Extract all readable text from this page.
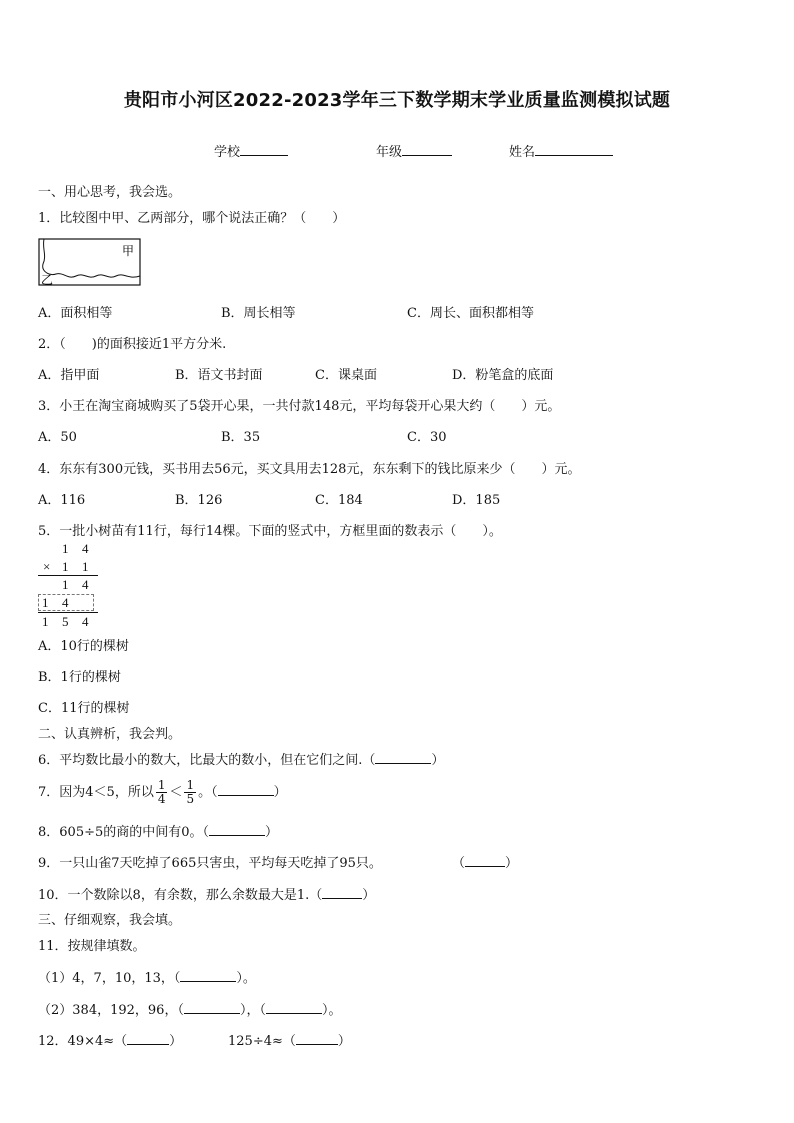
贵阳市小河区2022-2023学年三下数学期末学业质量监测模拟试题
学校	年级	姓名
一、用心思考，我会选。
1．比较图中甲、乙两部分，哪个说法正确？（　　）
甲
乙
A．面积相等	B．周长相等	C．周长、面积都相等
2．（　　)的面积接近1平方分米.
A．指甲面	B．语文书封面	C．课桌面	D．粉笔盒的底面
3．小王在淘宝商城购买了5袋开心果，一共付款148元，平均每袋开心果大约（　　）元。
A．50	B．35	C．30
4．东东有300元钱，买书用去56元，买文具用去128元，东东剩下的钱比原来少（　　）元。
A．116	B．126	C．184	D．185
5．一批小树苗有11行，每行14棵。下面的竖式中，方框里面的数表示（　　）。
1 4
× 1 1
1 4
1 4
1 5 4
A．10行的棵树
B．1行的棵树
C．11行的棵树
二、认真辨析，我会判。
6．平均数比最小的数大，比最大的数小，但在它们之间.（	）
7．因为4＜5，所以 $\frac{1}{4} < \frac{1}{5}$ 。（	）
8．605÷5的商的中间有0。（	）
9．一只山雀7天吃掉了665只害虫，平均每天吃掉了95只。	（	）
10．一个数除以8，有余数，那么余数最大是1.（	）
三、仔细观察，我会填。
11．按规律填数。
（1）4，7，10，13，（	）。
（2）384，192，96，（	），（	）。
12．49×4≈（	）	125÷4≈（	）
